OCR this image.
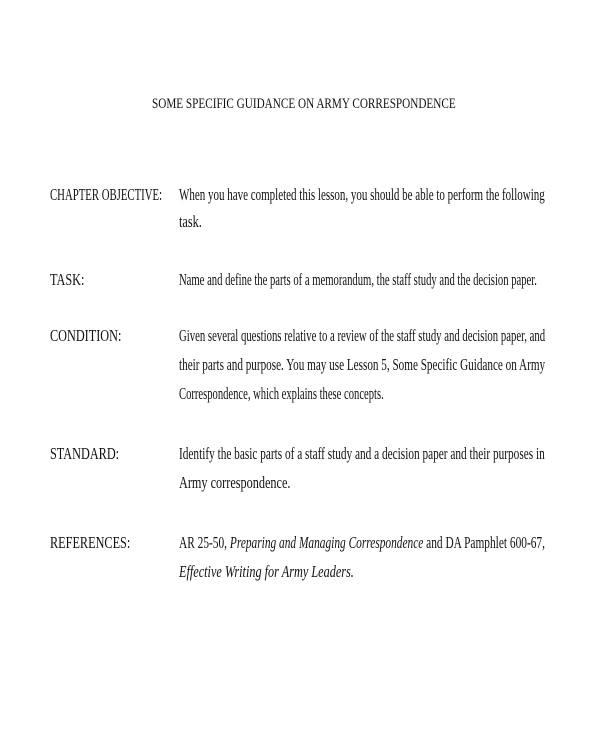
SOME SPECIFIC GUIDANCE ON ARMY CORRESPONDENCE
CHAPTER OBJECTIVE: When you have completed this lesson, you should be able to perform the following
task.
TASK:	Name and define the parts of a memorandum, the staff study and the decision paper.
CONDITION:	Given several questions relative to a review of the staff study and decision paper, and
their parts and purpose. You may use Lesson 5, Some Specific Guidance on Army
Correspondence, which explains these concepts.
STANDARD:	Identify the basic parts of a staff study and a decision paper and their purposes in
Army correspondence.
REFERENCES:	AR 25-50, Preparing and Managing Correspondence and DA Pamphlet 600-67,
Effective Writing for Army Leaders.
